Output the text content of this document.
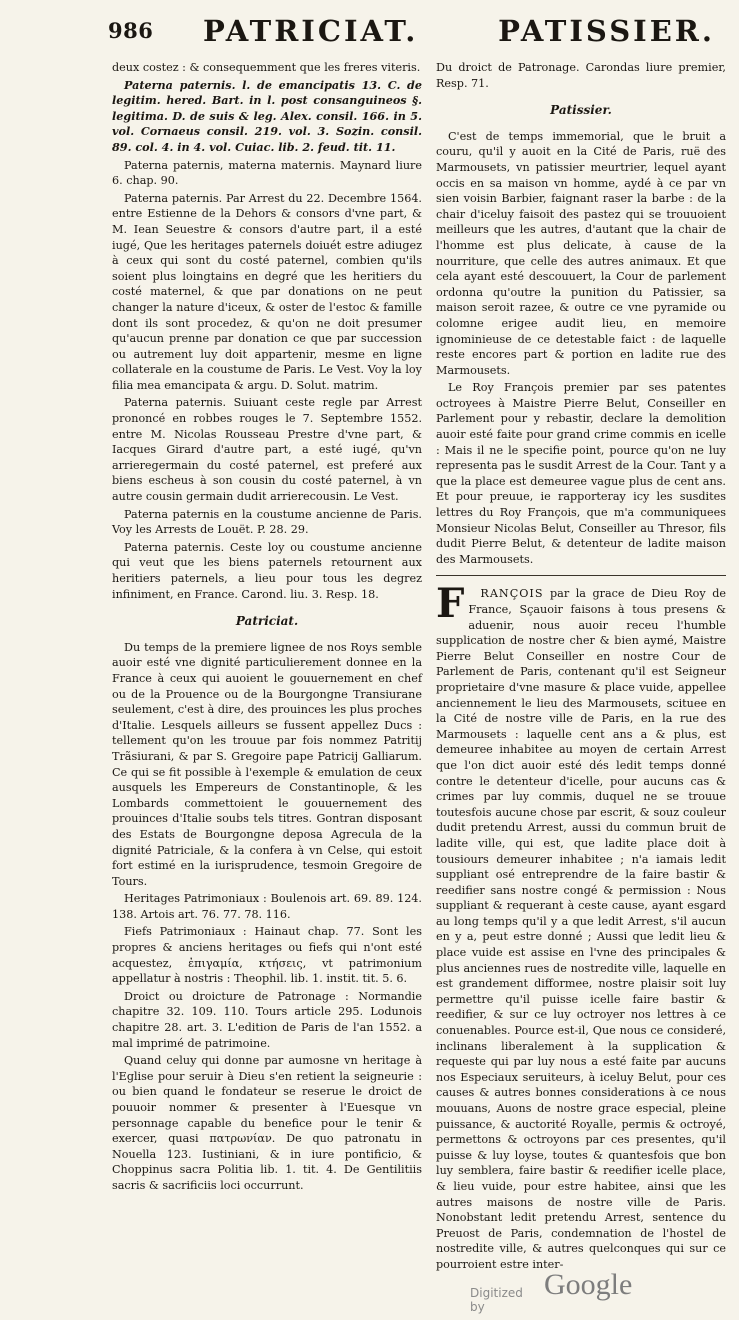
986 PATRICIAT.	PATISSIER.

deux costez : & consequemment que les freres viteris.

Paterna paternis. l. de emancipatis 13. C. de legitim. hered. Bart. in l. post consanguineos §. legitima. D. de suis & leg. Alex. consil. 166. in 5. vol. Cornaeus consil. 219. vol. 3. Sozin. consil. 89. col. 4. in 4. vol. Cuiac. lib. 2. feud. tit. 11.

Paterna paternis, materna maternis. Maynard liure 6. chap. 90.

Paterna paternis. Par Arrest du 22. Decembre 1564. entre Estienne de la Dehors & consors d'vne part, & M. Iean Seuestre & consors d'autre part, il a esté iugé, Que les heritages paternels doiuét estre adiugez à ceux qui sont du costé paternel, combien qu'ils soient plus loingtains en degré que les heritiers du costé maternel, & que par donations on ne peut changer la nature d'iceux, & oster de l'estoc & famille dont ils sont procedez, & qu'on ne doit presumer qu'aucun prenne par donation ce que par succession ou autrement luy doit appartenir, mesme en ligne collaterale en la coustume de Paris. Le Vest. Voy la loy filia mea emancipata & argu. D. Solut. matrim.

Paterna paternis. Suiuant ceste regle par Arrest prononcé en robbes rouges le 7. Septembre 1552. entre M. Nicolas Rousseau Prestre d'vne part, & Iacques Girard d'autre part, a esté iugé, qu'vn arrieregermain du costé paternel, est preferé aux biens escheus à son cousin du costé paternel, à vn autre cousin germain dudit arrierecousin. Le Vest.

Paterna paternis en la coustume ancienne de Paris. Voy les Arrests de Louët. P. 28. 29.

Paterna paternis. Ceste loy ou coustume ancienne qui veut que les biens paternels retournent aux heritiers paternels, a lieu pour tous les degrez infiniment, en France. Carond. liu. 3. Resp. 18.

Patriciat.

Du temps de la premiere lignee de nos Roys semble auoir esté vne dignité particulierement donnee en la France à ceux qui auoient le gouuernement en chef ou de la Prouence ou de la Bourgongne Transiurane seulement, c'est à dire, des prouinces les plus proches d'Italie. Lesquels ailleurs se fussent appellez Ducs : tellement qu'on les trouue par fois nommez Patritij Trãsiurani, & par S. Gregoire pape Patricij Galliarum. Ce qui se fit possible à l'exemple & emulation de ceux ausquels les Empereurs de Constantinople, & les Lombards commettoient le gouuernement des prouinces d'Italie soubs tels titres. Gontran disposant des Estats de Bourgongne deposa Agrecula de la dignité Patriciale, & la confera à vn Celse, qui estoit fort estimé en la iurisprudence, tesmoin Gregoire de Tours.

Heritages Patrimoniaux : Boulenois art. 69. 89. 124. 138. Artois art. 76. 77. 78. 116.

Fiefs Patrimoniaux : Hainaut chap. 77. Sont les propres & anciens heritages ou fiefs qui n'ont esté acquestez, ἐπιγαμία, κτήσεις, vt patrimonium appellatur à nostris : Theophil. lib. 1. instit. tit. 5. 6.

Droict ou droicture de Patronage : Normandie chapitre 32. 109. 110. Tours article 295. Lodunois chapitre 28. art. 3. L'edition de Paris de l'an 1552. a mal imprimé de patrimoine.

Quand celuy qui donne par aumosne vn heritage à l'Eglise pour seruir à Dieu s'en retient la seigneurie : ou bien quand le fondateur se reserue le droict de pouuoir nommer & presenter à l'Euesque vn personnage capable du benefice pour le tenir & exercer, quasi πατρωνίαν. De quo patronatu in Nouella 123. Iustiniani, & in iure pontificio, & Choppinus sacra Politia lib. 1. tit. 4. De Gentilitiis sacris & sacrificiis loci occurrunt.

Du droict de Patronage. Carondas liure premier, Resp. 71.

Patissier.

C'est de temps immemorial, que le bruit a couru, qu'il y auoit en la Cité de Paris, ruë des Marmousets, vn patissier meurtrier, lequel ayant occis en sa maison vn homme, aydé à ce par vn sien voisin Barbier, faignant raser la barbe : de la chair d'iceluy faisoit des pastez qui se trouuoient meilleurs que les autres, d'autant que la chair de l'homme est plus delicate, à cause de la nourriture, que celle des autres animaux. Et que cela ayant esté descouuert, la Cour de parlement ordonna qu'outre la punition du Patissier, sa maison seroit razee, & outre ce vne pyramide ou colomne erigee audit lieu, en memoire ignominieuse de ce detestable faict : de laquelle reste encores part & portion en ladite rue des Marmousets.

Le Roy François premier par ses patentes octroyees à Maistre Pierre Belut, Conseiller en Parlement pour y rebastir, declare la demolition auoir esté faite pour grand crime commis en icelle : Mais il ne le specifie point, pource qu'on ne luy representa pas le susdit Arrest de la Cour. Tant y a que la place est demeuree vague plus de cent ans. Et pour preuue, ie rapporteray icy les susdites lettres du Roy François, que m'a communiquees Monsieur Nicolas Belut, Conseiller au Thresor, fils dudit Pierre Belut, & detenteur de ladite maison des Marmousets.

F	RANÇOIS par la grace de Dieu Roy de France, Sçauoir faisons à tous presens & aduenir, nous auoir receu l'humble supplication de nostre cher & bien aymé, Maistre Pierre Belut Conseiller en nostre Cour de Parlement de Paris, contenant qu'il est Seigneur proprietaire d'vne masure & place vuide, appellee anciennement le lieu des Marmousets, scituee en la Cité de nostre ville de Paris, en la rue des Marmousets : laquelle cent ans a & plus, est demeuree inhabitee au moyen de certain Arrest que l'on dict auoir esté dés ledit temps donné contre le detenteur d'icelle, pour aucuns cas & crimes par luy commis, duquel ne se trouue toutesfois aucune chose par escrit, & souz couleur dudit pretendu Arrest, aussi du commun bruit de ladite ville, qui est, que ladite place doit à tousiours demeurer inhabitee ; n'a iamais ledit suppliant osé entreprendre de la faire bastir & reedifier sans nostre congé & permission : Nous suppliant & requerant à ceste cause, ayant esgard au long temps qu'il y a que ledit Arrest, s'il aucun en y a, peut estre donné ; Aussi que ledit lieu & place vuide est assise en l'vne des principales & plus anciennes rues de nostredite ville, laquelle en est grandement difformee, nostre plaisir soit luy permettre qu'il puisse icelle faire bastir & reedifier, & sur ce luy octroyer nos lettres à ce conuenables. Pource est-il, Que nous ce consideré, inclinans liberalement à la supplication & requeste qui par luy nous a esté faite par aucuns nos Especiaux seruiteurs, à iceluy Belut, pour ces causes & autres bonnes considerations à ce nous mouuans, Auons de nostre grace especial, pleine puissance, & auctorité Royalle, permis & octroyé, permettons & octroyons par ces presentes, qu'il puisse & luy loyse, toutes & quantesfois que bon luy semblera, faire bastir & reedifier icelle place, & lieu vuide, pour estre habitee, ainsi que les autres maisons de nostre ville de Paris. Nonobstant ledit pretendu Arrest, sentence du Preuost de Paris, condemnation de l'hostel de nostredite ville, & autres quelconques qui sur ce pourroient estre inter-

Digitized by
Google
